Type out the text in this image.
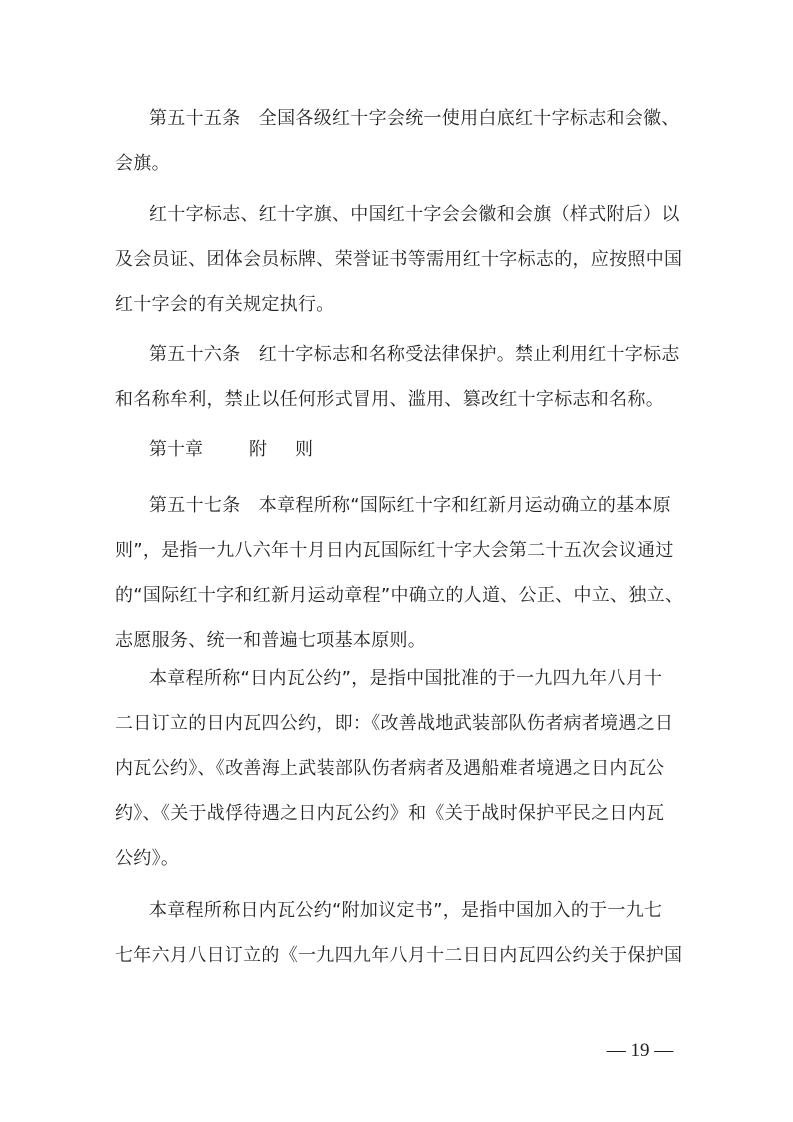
第五十五条　全国各级红十字会统一使用白底红十字标志和会徽、
会旗。

红十字标志、红十字旗、中国红十字会会徽和会旗（样式附后）以
及会员证、团体会员标牌、荣誉证书等需用红十字标志的，应按照中国
红十字会的有关规定执行。

第五十六条　红十字标志和名称受法律保护。禁止利用红十字标志
和名称牟利，禁止以任何形式冒用、滥用、篡改红十字标志和名称。

第十章	附 则

第五十七条　本章程所称“国际红十字和红新月运动确立的基本原
则”，是指一九八六年十月日内瓦国际红十字大会第二十五次会议通过
的“国际红十字和红新月运动章程”中确立的人道、公正、中立、独立、
志愿服务、统一和普遍七项基本原则。

本章程所称“日内瓦公约”，是指中国批准的于一九四九年八月十
二日订立的日内瓦四公约，即：《改善战地武装部队伤者病者境遇之日
内瓦公约》、《改善海上武装部队伤者病者及遇船难者境遇之日内瓦公
约》、《关于战俘待遇之日内瓦公约》和《关于战时保护平民之日内瓦
公约》。

本章程所称日内瓦公约“附加议定书”，是指中国加入的于一九七
七年六月八日订立的《一九四九年八月十二日日内瓦四公约关于保护国

— 19 —
